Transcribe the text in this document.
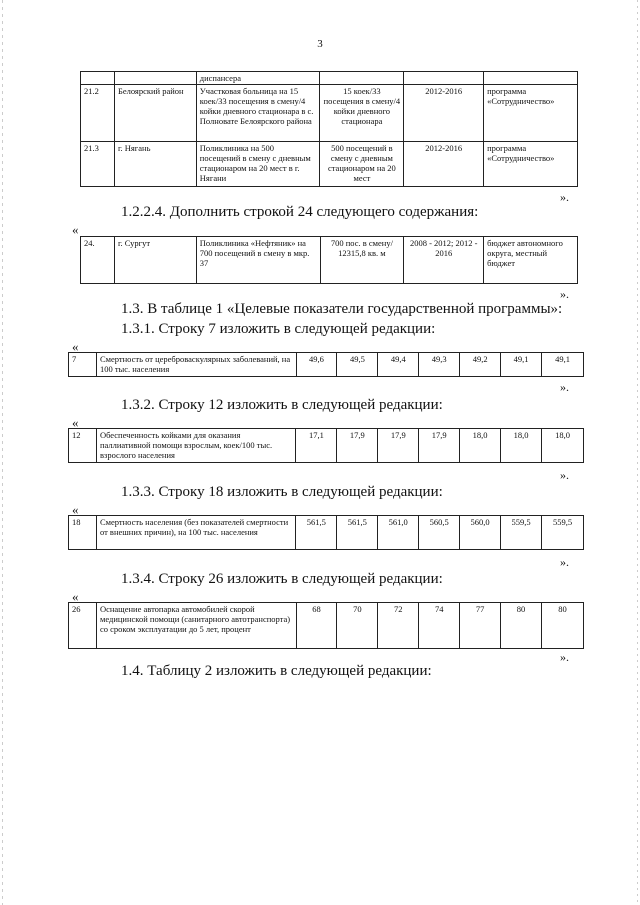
3
		диспансера			
21.2	Белоярский район	Участковая больница на 15 коек/33 посещения в смену/4 койки дневного стационара в с. Полноватe Белоярского района	15 коек/33 посещения в смену/4 койки дневного стационара	2012-2016	программа «Сотрудничество»
21.3	г. Нягань	Поликлиника на 500 посещений в смену с дневным стационаром на 20 мест в г. Нягани	500 посещений в смену с дневным стационаром на 20 мест	2012-2016	программа «Сотрудничество»
».
1.2.2.4. Дополнить строкой 24 следующего содержания:
«
24.	г. Сургут	Поликлиника «Нефтяник» на 700 посещений в смену в мкр. 37	700 пос. в смену/ 12315,8 кв. м	2008 - 2012; 2012 - 2016	бюджет автономного округа, местный бюджет
».
1.3. В таблице 1 «Целевые показатели государственной программы»:
1.3.1. Строку 7 изложить в следующей редакции:
«
7	Смертность от цереброваскулярных заболеваний, на 100 тыс. населения	49,6	49,5	49,4	49,3	49,2	49,1	49,1
».
1.3.2. Строку 12 изложить в следующей редакции:
«
12	Обеспеченность койками для оказания паллиативной помощи взрослым, коек/100 тыс. взрослого населения	17,1	17,9	17,9	17,9	18,0	18,0	18,0
».
1.3.3. Строку 18 изложить в следующей редакции:
«
18	Смертность населения (без показателей смертности от внешних причин), на 100 тыс. населения	561,5	561,5	561,0	560,5	560,0	559,5	559,5
».
1.3.4. Строку 26 изложить в следующей редакции:
«
26	Оснащение автопарка автомобилей скорой медицинской помощи (санитарного автотранспорта) со сроком эксплуатации до 5 лет, процент	68	70	72	74	77	80	80
».
1.4. Таблицу 2 изложить в следующей редакции:
